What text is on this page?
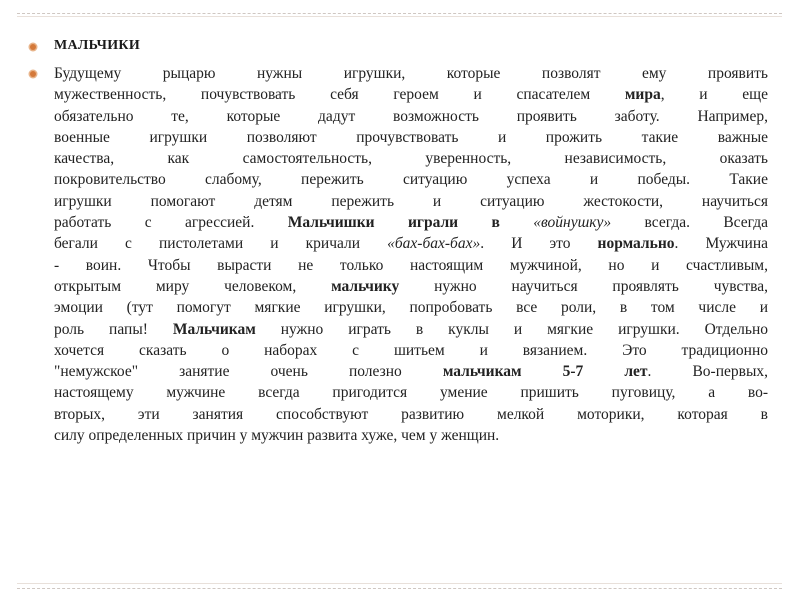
МАЛЬЧИКИ
Будущему рыцарю нужны игрушки, которые позволят ему проявить
мужественность, почувствовать себя героем и спасателем мира, и еще
обязательно те, которые дадут возможность проявить заботу. Например,
военные игрушки позволяют прочувствовать и прожить такие важные
качества, как самостоятельность, уверенность, независимость, оказать
покровительство слабому, пережить ситуацию успеха и победы. Такие
игрушки помогают детям пережить и ситуацию жестокости, научиться
работать с агрессией. Мальчишки играли в «войнушку» всегда. Всегда
бегали с пистолетами и кричали «бах-бах-бах». И это нормально. Мужчина
- воин. Чтобы вырасти не только настоящим мужчиной, но и счастливым,
открытым миру человеком, мальчику нужно научиться проявлять чувства,
эмоции (тут помогут мягкие игрушки, попробовать все роли, в том числе и
роль папы! Мальчикам нужно играть в куклы и мягкие игрушки. Отдельно
хочется сказать о наборах с шитьем и вязанием. Это традиционно
"немужское" занятие очень полезно мальчикам 5-7 лет. Во-первых,
настоящему мужчине всегда пригодится умение пришить пуговицу, а во-
вторых, эти занятия способствуют развитию мелкой моторики, которая в
силу определенных причин у мужчин развита хуже, чем у женщин.
